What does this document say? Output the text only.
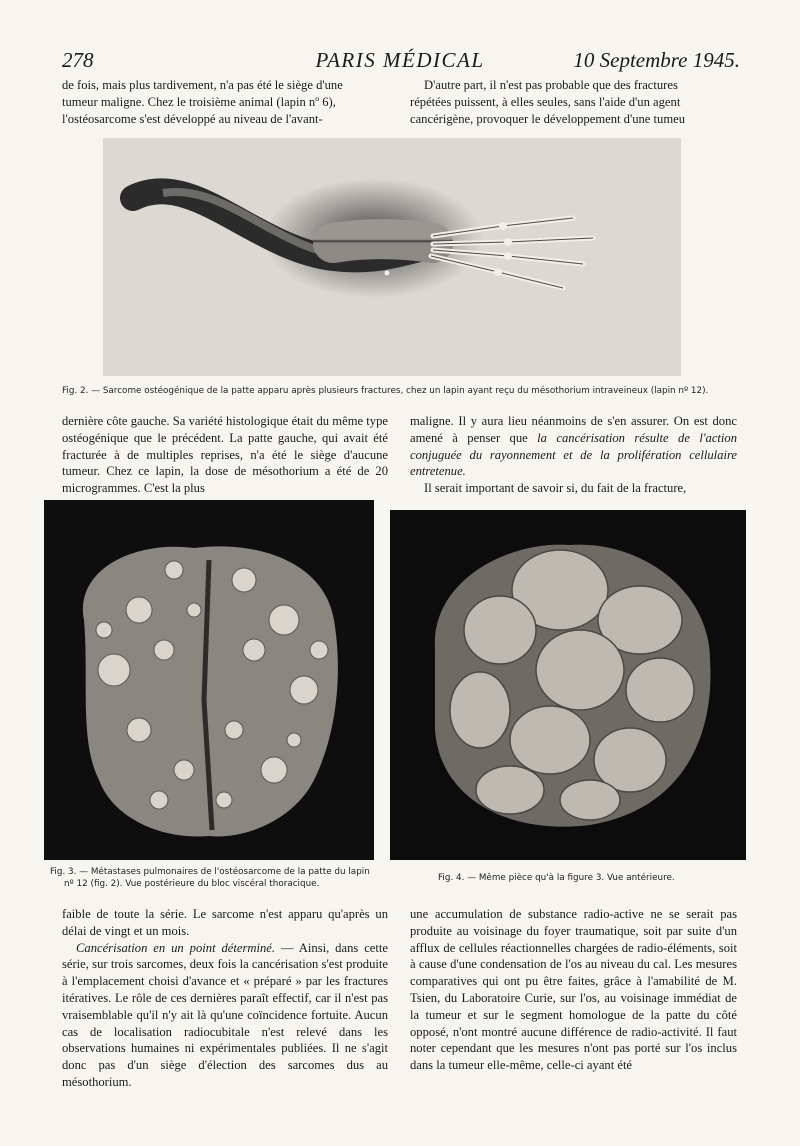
278	PARIS MÉDICAL	10 Septembre 1945.

de fois, mais plus tardivement, n'a pas été le siège d'une

tumeur maligne. Chez le troisième animal (lapin nº 6),

l'ostéosarcome s'est développé au niveau de l'avant-

D'autre part, il n'est pas probable que des fractures

répétées puissent, à elles seules, sans l'aide d'un agent

cancérigène, provoquer le développement d'une tumeu

Fig. 2. — Sarcome ostéogénique de la patte apparu après plusieurs fractures, chez un lapin ayant reçu du mésothorium intraveineux (lapin nº 12).

dernière côte gauche. Sa variété histologique était du même type ostéogénique que le précédent. La patte gauche, qui avait été fracturée à de multiples reprises, n'a été le siège d'aucune tumeur. Chez ce lapin, la dose de mésothorium a été de 20 microgrammes. C'est la plus

maligne. Il y aura lieu néanmoins de s'en assurer. On est donc amené à penser que la cancérisation résulte de l'action conjuguée du rayonnement et de la prolifération cellulaire entretenue.

Il serait important de savoir si, du fait de la fracture,

Fig. 3. — Métastases pulmonaires de l'ostéosarcome de la patte du lapin
nº 12 (fig. 2). Vue postérieure du bloc viscéral thoracique.
Fig. 4. — Même pièce qu'à la figure 3. Vue antérieure.

faible de toute la série. Le sarcome n'est apparu qu'après un délai de vingt et un mois.

Cancérisation en un point déterminé. — Ainsi, dans cette série, sur trois sarcomes, deux fois la cancérisation s'est produite à l'emplacement choisi d'avance et « préparé » par les fractures itératives. Le rôle de ces dernières paraît effectif, car il n'est pas vraisemblable qu'il n'y ait là qu'une coïncidence fortuite. Aucun cas de localisation radiocubitale n'est relevé dans les observations humaines ni expérimentales publiées. Il ne s'agit donc pas d'un siège d'élection des sarcomes dus au mésothorium.

une accumulation de substance radio-active ne se serait pas produite au voisinage du foyer traumatique, soit par suite d'un afflux de cellules réactionnelles chargées de radio-éléments, soit à cause d'une condensation de l'os au niveau du cal. Les mesures comparatives qui ont pu être faites, grâce à l'amabilité de M. Tsien, du Laboratoire Curie, sur l'os, au voisinage immédiat de la tumeur et sur le segment homologue de la patte du côté opposé, n'ont montré aucune différence de radio-activité. Il faut noter cependant que les mesures n'ont pas porté sur l'os inclus dans la tumeur elle-même, celle-ci ayant été
